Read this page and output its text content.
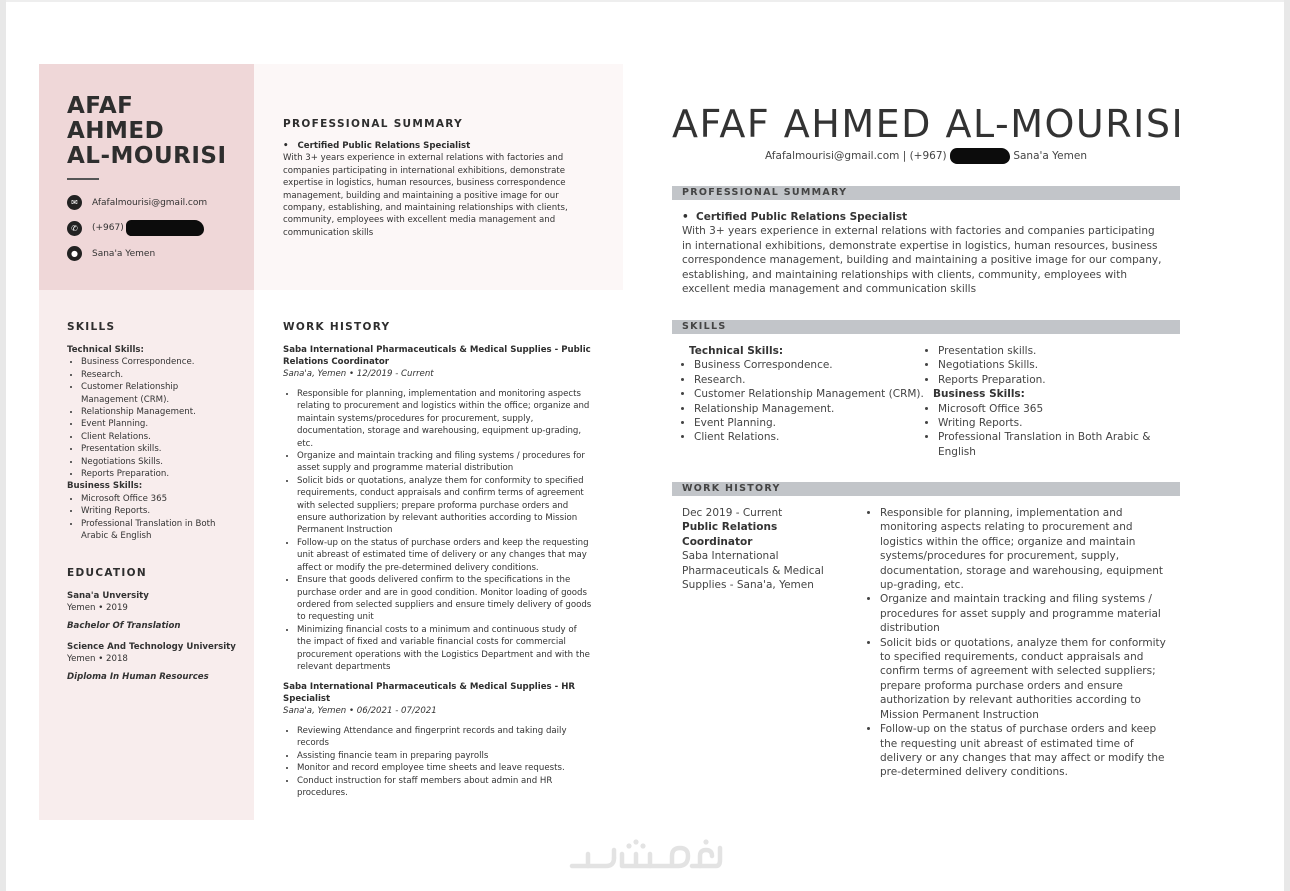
AFAF
AHMED
AL-MOURISI
✉	Afafalmourisi@gmail.com
✆	(+967)
●	Sana'a Yemen
PROFESSIONAL SUMMARY
•   Certified Public Relations Specialist
With 3+ years experience in external relations with factories and companies participating in international exhibitions, demonstrate expertise in logistics, human resources, business correspondence management, building and maintaining a positive image for our company, establishing, and maintaining relationships with clients, community, employees with excellent media management and communication skills
SKILLS
Technical Skills:
• Business Correspondence.
• Research.
• Customer Relationship Management (CRM).
• Relationship Management.
• Event Planning.
• Client Relations.
• Presentation skills.
• Negotiations Skills.
• Reports Preparation.
Business Skills:
• Microsoft Office 365
• Writing Reports.
• Professional Translation in Both Arabic & English
EDUCATION
Sana'a Unversity
Yemen • 2019
Bachelor Of Translation
Science And Technology University
Yemen • 2018
Diploma In Human Resources
WORK HISTORY
Saba International Pharmaceuticals & Medical Supplies - Public Relations Coordinator
Sana'a, Yemen • 12/2019 - Current
• Responsible for planning, implementation and monitoring aspects relating to procurement and logistics within the office; organize and maintain systems/procedures for procurement, supply, documentation, storage and warehousing, equipment up-grading, etc.
• Organize and maintain tracking and filing systems / procedures for asset supply and programme material distribution
• Solicit bids or quotations, analyze them for conformity to specified requirements, conduct appraisals and confirm terms of agreement with selected suppliers; prepare proforma purchase orders and ensure authorization by relevant authorities according to Mission Permanent Instruction
• Follow-up on the status of purchase orders and keep the requesting unit abreast of estimated time of delivery or any changes that may affect or modify the pre-determined delivery conditions.
• Ensure that goods delivered confirm to the specifications in the purchase order and are in good condition. Monitor loading of goods ordered from selected suppliers and ensure timely delivery of goods to requesting unit
• Minimizing financial costs to a minimum and continuous study of the impact of fixed and variable financial costs for commercial procurement operations with the Logistics Department and with the relevant departments
Saba International Pharmaceuticals & Medical Supplies - HR Specialist
Sana'a, Yemen • 06/2021 - 07/2021
• Reviewing Attendance and fingerprint records and taking daily records
• Assisting financie team in preparing payrolls
• Monitor and record employee time sheets and leave requests.
• Conduct instruction for staff members about admin and HR procedures.
AFAF AHMED AL-MOURISI
Afafalmourisi@gmail.com | (+967)	Sana'a Yemen
PROFESSIONAL SUMMARY
•  Certified Public Relations Specialist
With 3+ years experience in external relations with factories and companies participating in international exhibitions, demonstrate expertise in logistics, human resources, business correspondence management, building and maintaining a positive image for our company, establishing, and maintaining relationships with clients, community, employees with excellent media management and communication skills
SKILLS
Technical Skills:
• Business Correspondence.
• Research.
• Customer Relationship Management (CRM).
• Relationship Management.
• Event Planning.
• Client Relations.
• Presentation skills.
• Negotiations Skills.
• Reports Preparation.
Business Skills:
• Microsoft Office 365
• Writing Reports.
• Professional Translation in Both Arabic & English
WORK HISTORY
Dec 2019 - Current
Public Relations Coordinator
Saba International Pharmaceuticals & Medical Supplies - Sana'a, Yemen
• Responsible for planning, implementation and monitoring aspects relating to procurement and logistics within the office; organize and maintain systems/procedures for procurement, supply, documentation, storage and warehousing, equipment up-grading, etc.
• Organize and maintain tracking and filing systems / procedures for asset supply and programme material distribution
• Solicit bids or quotations, analyze them for conformity to specified requirements, conduct appraisals and confirm terms of agreement with selected suppliers; prepare proforma purchase orders and ensure authorization by relevant authorities according to Mission Permanent Instruction
• Follow-up on the status of purchase orders and keep the requesting unit abreast of estimated time of delivery or any changes that may affect or modify the pre-determined delivery conditions.
